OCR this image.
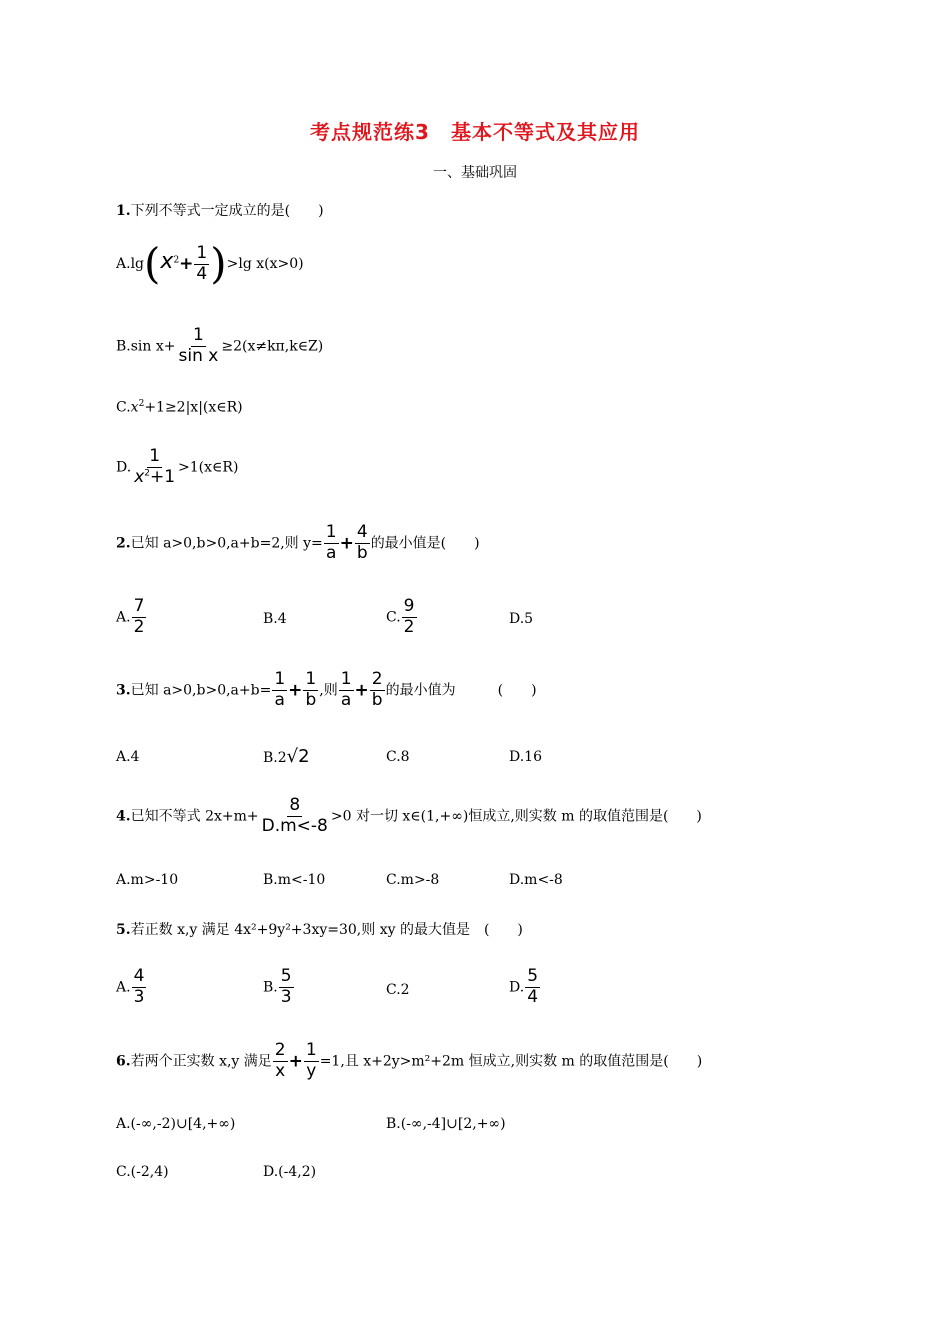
考点规范练3　基本不等式及其应用
一、基础巩固
1.下列不等式一定成立的是(　　)
$A.\lg(x^2+ \frac{1}{4} )>\lg$ x(x>0)
B.sin $x+ \frac{1}{\text{sin x}}$ ≥2(x≠kπ,k∈Z)
$C.x^2+1\ge 2|x|(x\in R)$
D. $\frac{1}{x^2+1}$ >1(x∈R)
2.已知 a>0,b>0,a+b=2,则 $y= \frac{1}{a} + \frac{4}{b}$ 的最小值是(　　)
A. $\frac{7}{2}$	B.4	C. $\frac{9}{2}$	D.5
3.已知 $a>0,b>0,a+b= \frac{1}{a} + \frac{1}{b}$ ,则 $\frac{1}{a} + \frac{2}{b}$ 的最小值为　　　(　　)
A.4	B.2√2	C.8	D.16
4.已知不等式 $2x+m+ \frac{8}{D.m<-8} >0$ 对一切 x∈(1,+∞)恒成立,则实数 m 的取值范围是(　　)
A.m>-10	B.m<-10	C.m>-8	D.m<-8
5.若正数 x,y 满足 4x²+9y²+3xy=30,则 xy 的最大值是　(　　)
A. $\frac{4}{3}$	B. $\frac{5}{3}$	C.2	D. $\frac{5}{4}$
6.若两个正实数 x,y 满足 $\frac{2}{x} + \frac{1}{y} =1$,且 x+2y>m²+2m 恒成立,则实数 m 的取值范围是(　　)
A.(-∞,-2)∪[4,+∞)	B.(-∞,-4]∪[2,+∞)
C.(-2,4)	D.(-4,2)
